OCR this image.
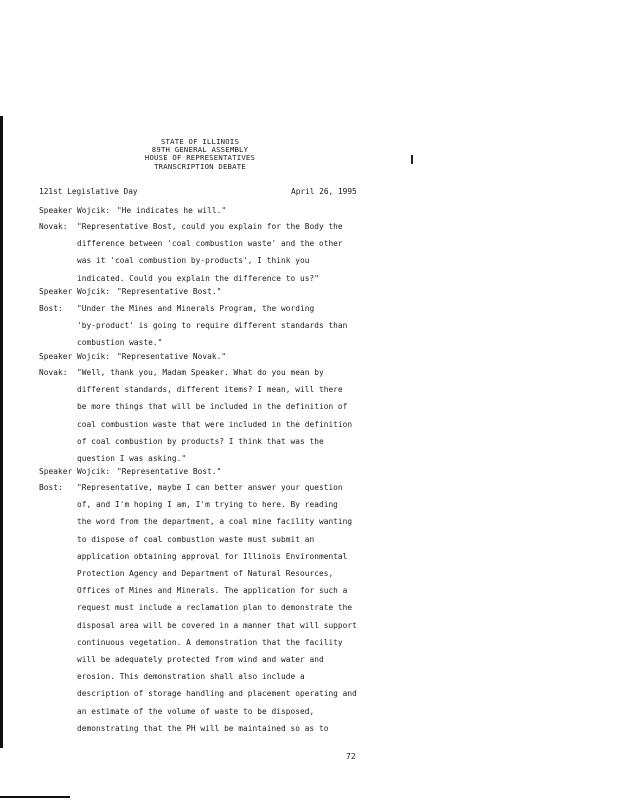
STATE OF ILLINOIS
89TH GENERAL ASSEMBLY
HOUSE OF REPRESENTATIVES
TRANSCRIPTION DEBATE
121st Legislative Day	April 26, 1995
Speaker Wojcik: "He indicates he will."
Novak:	"Representative Bost, could you explain for the Body the
difference between 'coal combustion waste' and the other
was it 'coal combustion by-products', I think you
indicated. Could you explain the difference to us?"
Speaker Wojcik: "Representative Bost."
Bost:	"Under the Mines and Minerals Program, the wording
'by-product' is going to require different standards than
combustion waste."
Speaker Wojcik: "Representative Novak."
Novak:	"Well, thank you, Madam Speaker. What do you mean by
different standards, different items? I mean, will there
be more things that will be included in the definition of
coal combustion waste that were included in the definition
of coal combustion by products? I think that was the
question I was asking."
Speaker Wojcik: "Representative Bost."
Bost:	"Representative, maybe I can better answer your question
of, and I'm hoping I am, I'm trying to here. By reading
the word from the department, a coal mine facility wanting
to dispose of coal combustion waste must submit an
application obtaining approval for Illinois Environmental
Protection Agency and Department of Natural Resources,
Offices of Mines and Minerals. The application for such a
request must include a reclamation plan to demonstrate the
disposal area will be covered in a manner that will support
continuous vegetation. A demonstration that the facility
will be adequately protected from wind and water and
erosion. This demonstration shall also include a
description of storage handling and placement operating and
an estimate of the volume of waste to be disposed,
demonstrating that the PH will be maintained so as to
72
